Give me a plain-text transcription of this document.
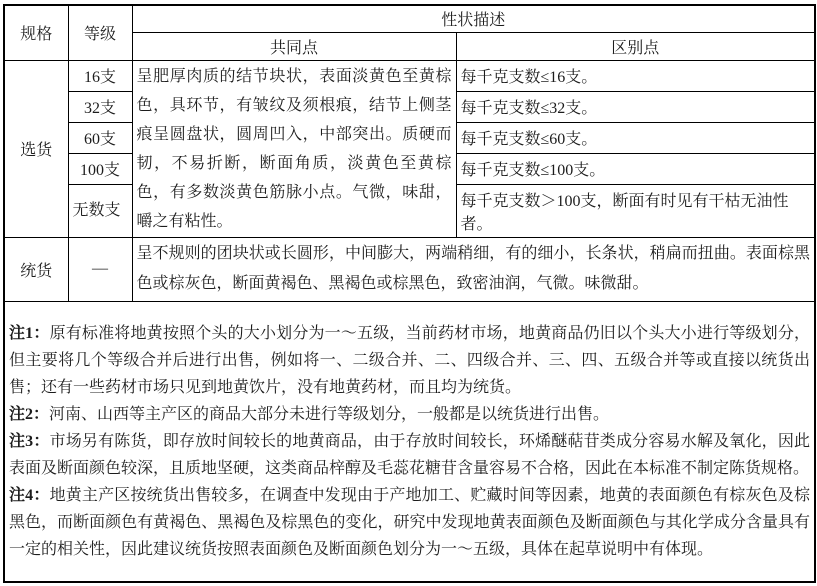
规格	等级	性状描述	
		共同点	区别点
选货	16支	呈肥厚肉质的结节块状，表面淡黄色至黄棕色，具环节，有皱纹及须根痕，结节上侧茎痕呈圆盘状，圆周凹入，中部突出。质硬而韧，不易折断，断面角质，淡黄色至黄棕色，有多数淡黄色筋脉小点。气微，味甜，嚼之有粘性。	每千克支数≤16支。
	32支		每千克支数≤32支。
	60支		每千克支数≤60支。
	100支		每千克支数≤100支。
	无数支		每千克支数＞100支，断面有时见有干枯无油性者。
统货	—	呈不规则的团块状或长圆形，中间膨大，两端稍细，有的细小，长条状，稍扁而扭曲。表面棕黑色或棕灰色，断面黄褐色、黑褐色或棕黑色，致密油润，气微。味微甜。	

注1：原有标准将地黄按照个头的大小划分为一～五级，当前药材市场，地黄商品仍旧以个头大小进行等级划分，但主要将几个等级合并后进行出售，例如将一、二级合并、二、四级合并、三、四、五级合并等或直接以统货出售；还有一些药材市场只见到地黄饮片，没有地黄药材，而且均为统货。

注2：河南、山西等主产区的商品大部分未进行等级划分，一般都是以统货进行出售。

注3：市场另有陈货，即存放时间较长的地黄商品，由于存放时间较长，环烯醚萜苷类成分容易水解及氧化，因此表面及断面颜色较深，且质地坚硬，这类商品梓醇及毛蕊花糖苷含量容易不合格，因此在本标准不制定陈货规格。

注4：地黄主产区按统货出售较多，在调查中发现由于产地加工、贮藏时间等因素，地黄的表面颜色有棕灰色及棕黑色，而断面颜色有黄褐色、黑褐色及棕黑色的变化，研究中发现地黄表面颜色及断面颜色与其化学成分含量具有一定的相关性，因此建议统货按照表面颜色及断面颜色划分为一～五级，具体在起草说明中有体现。			
